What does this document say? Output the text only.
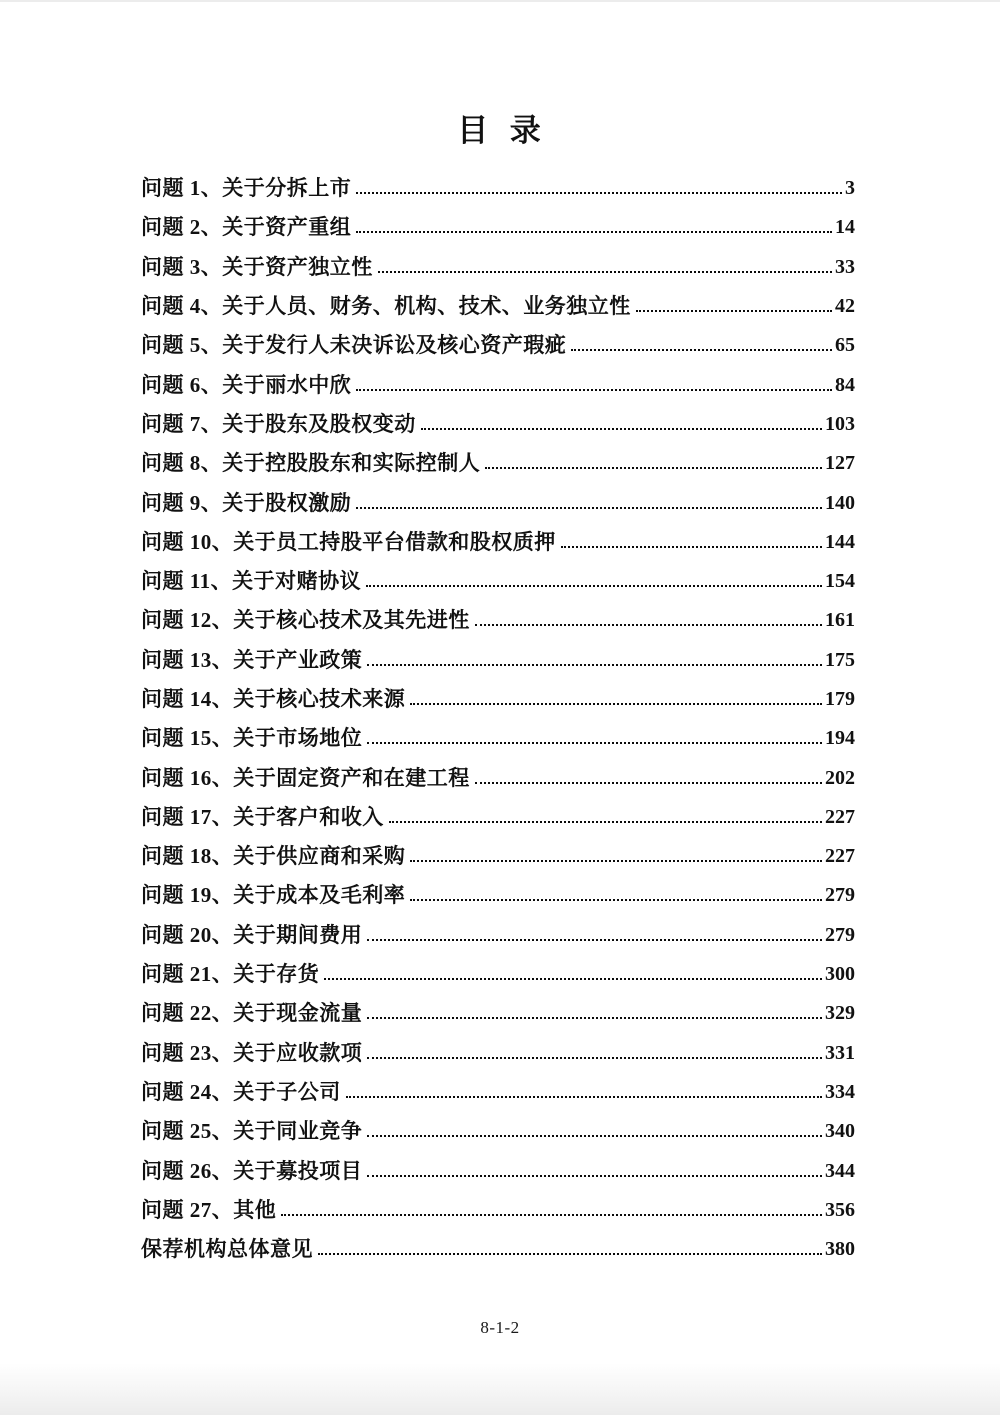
目  录
问题 1、关于分拆上市	3
问题 2、关于资产重组	14
问题 3、关于资产独立性	33
问题 4、关于人员、财务、机构、技术、业务独立性	42
问题 5、关于发行人未决诉讼及核心资产瑕疵	65
问题 6、关于丽水中欣	84
问题 7、关于股东及股权变动	103
问题 8、关于控股股东和实际控制人	127
问题 9、关于股权激励	140
问题 10、关于员工持股平台借款和股权质押	144
问题 11、关于对赌协议	154
问题 12、关于核心技术及其先进性	161
问题 13、关于产业政策	175
问题 14、关于核心技术来源	179
问题 15、关于市场地位	194
问题 16、关于固定资产和在建工程	202
问题 17、关于客户和收入	227
问题 18、关于供应商和采购	227
问题 19、关于成本及毛利率	279
问题 20、关于期间费用	279
问题 21、关于存货	300
问题 22、关于现金流量	329
问题 23、关于应收款项	331
问题 24、关于子公司	334
问题 25、关于同业竞争	340
问题 26、关于募投项目	344
问题 27、其他	356
保荐机构总体意见	380
8-1-2
